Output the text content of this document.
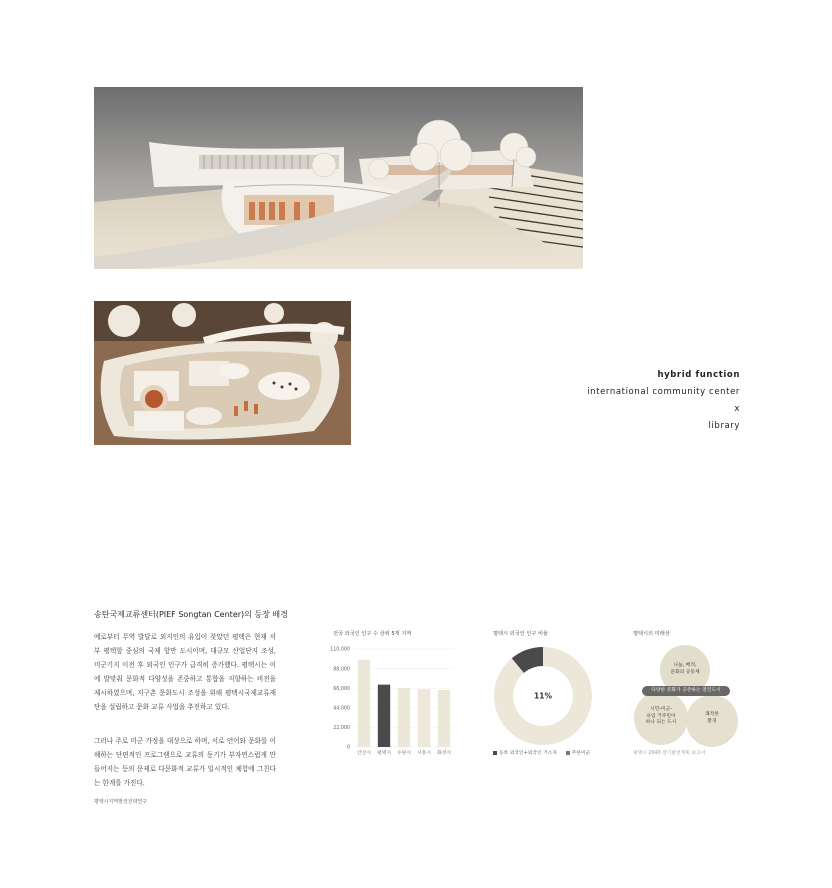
hybrid function
international community center
x
library
송탄국제교류센터(PIEF Songtan Center)의 등장 배경
예로부터 무역 발달로 외지인의 유입이 잦았던 평택은 현재 서부 평택항 중심의 국제 항만 도시이며, 대규모 산업단지 조성, 미군기지 이전 후 외국인 인구가 급격히 증가했다. 평택시는 이에 발맞춰 문화적 다양성을 존중하고 통합을 지향하는 비전을 제시하였으며, 지구촌 문화도시 조성을 위해 평택시국제교류재단을 설립하고 문화 교류 사업을 추진하고 있다.
그러나 주로 미군 가정을 대상으로 하며, 서로 언어와 문화를 이해하는 단편적인 프로그램으로 교류의 동기가 부자연스럽게 만들어지는 등의 문제로 다문화적 교류가 일시적인 체험에 그친다는 한계를 가진다.
평택시지역발전전략연구
전국 외국인 인구 수 상위 5개 지역
0
22,000
44,000
66,000
88,000
110,000
안산시 평택시 수원시 시흥시 화성시
평택시 외국인 인구 비율
11%
등록 외국인+외국인 거소자	주한미군
평택시의 미래상
나눔, 배려,
문화의 공동체
다양한 문화가 공존하는 열린도시
시민-미군-
유입 거주민이
하나 되는 도시
쾌적한
환경
평택시 2040 장기발전계획 보고서
